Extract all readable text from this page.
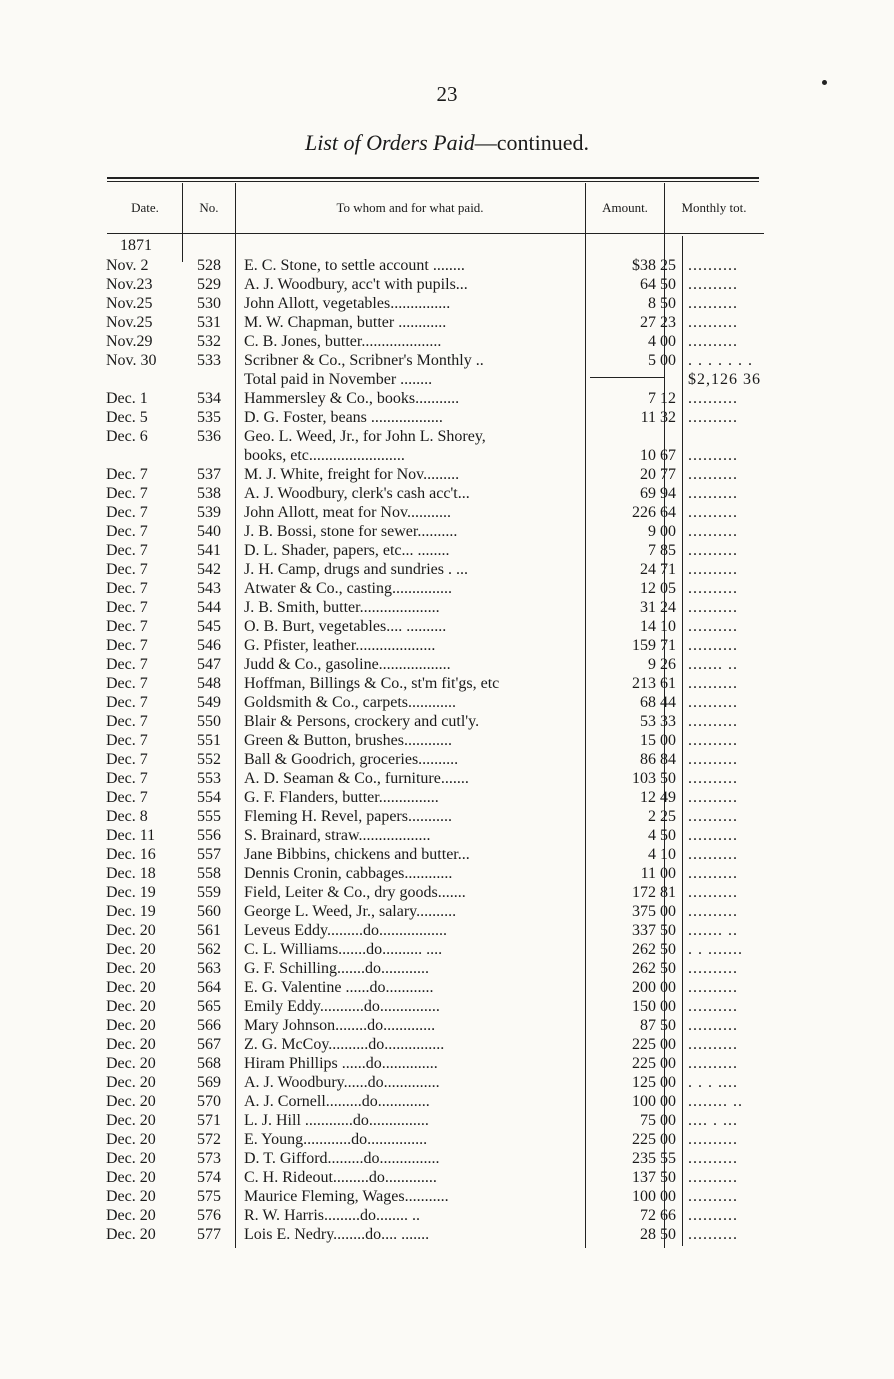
23
List of Orders Paid—continued.
Date.	No.	To whom and for what paid.	Amount.	Monthly tot.
1871
Nov. 2	528	E. C. Stone, to settle account ........	$38 25	..........
Nov.23	529	A. J. Woodbury, acc't with pupils...	64 50	..........
Nov.25	530	John Allott, vegetables...............	8 50	..........
Nov.25	531	M. W. Chapman, butter ............	27 23	..........
Nov.29	532	C. B. Jones, butter....................	4 00	..........
Nov. 30	533	Scribner & Co., Scribner's Monthly ..	5 00	. . . . . . .
		Total paid in November ........		$2,126 36
Dec. 1	534	Hammersley & Co., books...........	7 12	..........
Dec. 5	535	D. G. Foster, beans ..................	11 32	..........
Dec. 6	536	Geo. L. Weed, Jr., for John L. Shorey,		
		books, etc........................	10 67	..........
Dec. 7	537	M. J. White, freight for Nov.........	20 77	..........
Dec. 7	538	A. J. Woodbury, clerk's cash acc't...	69 94	..........
Dec. 7	539	John Allott, meat for Nov...........	226 64	..........
Dec. 7	540	J. B. Bossi, stone for sewer..........	9 00	..........
Dec. 7	541	D. L. Shader, papers, etc... ........	7 85	..........
Dec. 7	542	J. H. Camp, drugs and sundries . ...	24 71	..........
Dec. 7	543	Atwater & Co., casting...............	12 05	..........
Dec. 7	544	J. B. Smith, butter....................	31 24	..........
Dec. 7	545	O. B. Burt, vegetables.... ..........	14 10	..........
Dec. 7	546	G. Pfister, leather....................	159 71	..........
Dec. 7	547	Judd & Co., gasoline..................	9 26	....... ..
Dec. 7	548	Hoffman, Billings & Co., st'm fit'gs, etc	213 61	..........
Dec. 7	549	Goldsmith & Co., carpets............	68 44	..........
Dec. 7	550	Blair & Persons, crockery and cutl'y.	53 33	..........
Dec. 7	551	Green & Button, brushes............	15 00	..........
Dec. 7	552	Ball & Goodrich, groceries..........	86 84	..........
Dec. 7	553	A. D. Seaman & Co., furniture.......	103 50	..........
Dec. 7	554	G. F. Flanders, butter...............	12 49	..........
Dec. 8	555	Fleming H. Revel, papers...........	2 25	..........
Dec. 11	556	S. Brainard, straw..................	4 50	..........
Dec. 16	557	Jane Bibbins, chickens and butter...	4 10	..........
Dec. 18	558	Dennis Cronin, cabbages............	11 00	..........
Dec. 19	559	Field, Leiter & Co., dry goods.......	172 81	..........
Dec. 19	560	George L. Weed, Jr., salary..........	375 00	..........
Dec. 20	561	Leveus Eddy.........do.................	337 50	....... ..
Dec. 20	562	C. L. Williams.......do.......... ....	262 50	. . .......
Dec. 20	563	G. F. Schilling.......do............	262 50	..........
Dec. 20	564	E. G. Valentine ......do............	200 00	..........
Dec. 20	565	Emily Eddy...........do...............	150 00	..........
Dec. 20	566	Mary Johnson........do.............	87 50	..........
Dec. 20	567	Z. G. McCoy..........do...............	225 00	..........
Dec. 20	568	Hiram Phillips ......do..............	225 00	..........
Dec. 20	569	A. J. Woodbury......do..............	125 00	. . . ....
Dec. 20	570	A. J. Cornell.........do.............	100 00	........ ..
Dec. 20	571	L. J. Hill ............do...............	75 00	.... . ...
Dec. 20	572	E. Young............do...............	225 00	..........
Dec. 20	573	D. T. Gifford.........do...............	235 55	..........
Dec. 20	574	C. H. Rideout.........do.............	137 50	..........
Dec. 20	575	Maurice Fleming, Wages...........	100 00	..........
Dec. 20	576	R. W. Harris.........do........ ..	72 66	..........
Dec. 20	577	Lois E. Nedry........do.... .......	28 50	..........
